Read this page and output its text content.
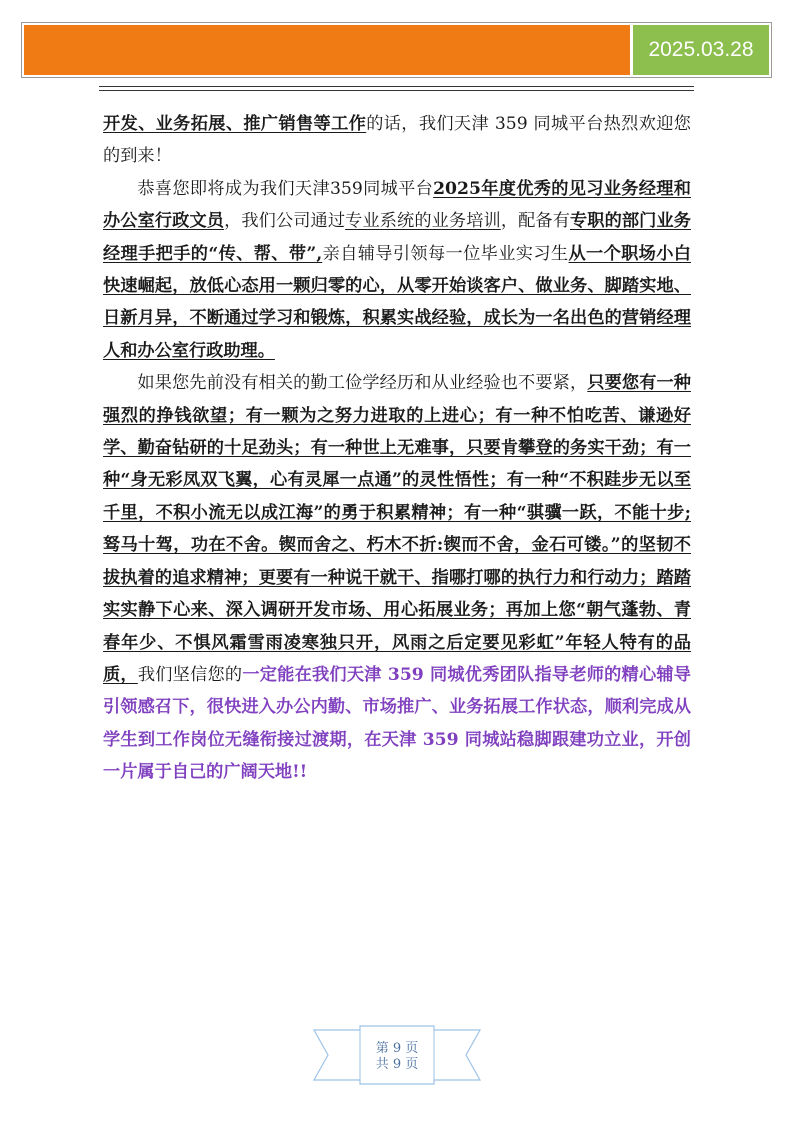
2025.03.28

开发、业务拓展、推广销售等工作的话，我们天津 359 同城平台热烈欢迎您的到来！

恭喜您即将成为我们天津359同城平台2025年度优秀的见习业务经理和办公室行政文员，我们公司通过专业系统的业务培训，配备有专职的部门业务经理手把手的“传、帮、带”,亲自辅导引领每一位毕业实习生从一个职场小白快速崛起，放低心态用一颗归零的心，从零开始谈客户、做业务、脚踏实地、日新月异，不断通过学习和锻炼，积累实战经验，成长为一名出色的营销经理人和办公室行政助理。

如果您先前没有相关的勤工俭学经历和从业经验也不要紧，只要您有一种强烈的挣钱欲望；有一颗为之努力进取的上进心；有一种不怕吃苦、谦逊好学、勤奋钻研的十足劲头；有一种世上无难事，只要肯攀登的务实干劲；有一种“身无彩凤双飞翼，心有灵犀一点通”的灵性悟性；有一种“不积跬步无以至千里，不积小流无以成江海”的勇于积累精神；有一种“骐骥一跃，不能十步;驽马十驾，功在不舍。锲而舍之、朽木不折:锲而不舍，金石可镂。”的坚韧不拔执着的追求精神；更要有一种说干就干、指哪打哪的执行力和行动力；踏踏实实静下心来、深入调研开发市场、用心拓展业务；再加上您“朝气蓬勃、青春年少、不惧风霜雪雨凌寒独只开，风雨之后定要见彩虹”年轻人特有的品质，我们坚信您的一定能在我们天津 359 同城优秀团队指导老师的精心辅导引领感召下，很快进入办公内勤、市场推广、业务拓展工作状态，顺利完成从学生到工作岗位无缝衔接过渡期，在天津 359 同城站稳脚跟建功立业，开创一片属于自己的广阔天地!!

第 9 页
共 9 页
